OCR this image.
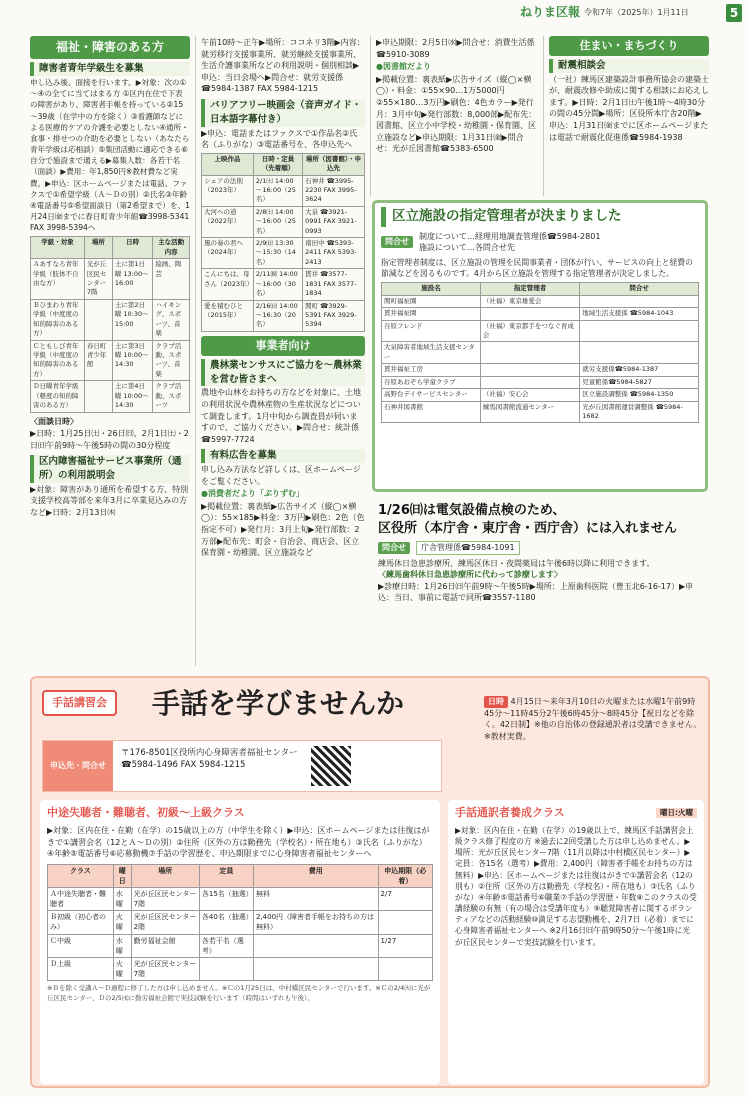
ねりま区報 令和7年（2025年）1月11日	5
福祉・障害のある方
障害者青年学級生を募集

申し込み後、面接を行います。▶対象：次の①～④の全てに当てはまる方 ①区内在住で下表の障害があり、障害者手帳を持っている②15～39歳（在学中の方を除く）③看護師などによる医療的ケアの介護を必要としない④通所・食事・排せつの介助を必要としない（あなたら青年学級は応相談）⑤集団活動に適応できる⑥自分で施設まで通える▶募集人数：各若干名（面談）▶費用：年1,850円※教材費など実費。▶申込：区ホームページまたは電話、ファクスで①希望学級（Ａ～Ｄの別）②氏名③年齢④電話番号⑤希望面談日（第2希望まで）を、1月24日㈮までに春日町青少年館☎3998-5341 FAX 3998-5394へ

学級・対象	場所	日時	主な活動内容
Ａあすなろ青年学級（肢体不自由な方）	光が丘区民センター7階	土に第1日曜 13:00～16:00	絵画、陶芸
Ｂひまわり青年学級（中度度の知的障害のある方）		土に第2日曜 10:30～15:00	ハイキング、スポーツ、音楽
Ｃともしび青年学級（中度度の知的障害のある方）	春日町青少年館	土に第3日曜 10:00～14:30	クラブ活動、スポーツ、音楽
Ｄ日曜青年学級（軽度の知的障害のある方）		土に第4日曜 10:00～14:30	クラブ活動、スポーツ

〈面談日時〉

▶日時：1月25日㈯・26日㈰、2月1日㈯・2日㈰午前9時～午後5時の間の30分程度

区内障害福祉サービス事業所（通所）の利用説明会

▶対象：障害があり通所を希望する方、特別支援学校高等部を来年3月に卒業見込みの方など▶日時：2月13日㈭

午前10時～正午▶場所：ココネリ3階▶内容：就労移行支援事業所、就労継続支援事業所、生活介護事業所などの利用説明・個別相談▶申込：当日会場へ▶問合せ：就労支援係☎5984-1387 FAX 5984-1215

バリアフリー映画会（音声ガイド・日本語字幕付き）

▶申込：電話またはファクスで①作品名②氏名（ふりがな）③電話番号を、各申込先へ

上映作品	日時・定員（先着順）	場所（図書館）・申込先
シェアの法則（2023年）	2/1㈯ 14:00～16:00（25名）	石神井 ☎3995-2230 FAX 3995-3624
大河への道（2022年）	2/8㈯ 14:00～16:00（25名）	大泉 ☎3921-0991 FAX 3921-0993
風の奏の君へ（2024年）	2/9㈰ 13:30～15:30（14名）	南田中 ☎5393-2411 FAX 5393-2413
こんにちは、母さん（2023年）	2/11㈷ 14:00～16:00（30名）	貫井 ☎3577-1831 FAX 3577-1834
愛を積むひと（2015年）	2/16㈰ 14:00～16:30（20名）	関町 ☎3929-5391 FAX 3929-5394
事業者向け
農林業センサスにご協力を～農林業を営む皆さまへ

農地や山林をお持ちの方などを対象に、土地の利用状況や農林産物の生産状況などについて調査します。1月中旬から調査員が伺いますので、ご協力ください。▶問合せ：統計係☎5997-7724

有料広告を募集

申し込み方法など詳しくは、区ホームページをご覧ください。

●消費者だより「ぷりずむ」

▶掲載位置：裏表紙▶広告サイズ（縦◯×横◯）：55×185▶料金：3万円▶刷色：2色（色指定不可）▶発行月：3月上旬▶発行部数：2万部▶配布先：町会・自治会、商店会、区立保育園・幼稚園、区立施設など

▶申込期限：2月5日㈬▶問合せ：消費生活係☎5910-3089

●図書館だより

▶掲載位置：裏表紙▶広告サイズ（縦◯×横◯）・料金：①55×90…1万5000円②55×180…3万円▶刷色：4色カラー▶発行月：3月中旬▶発行部数：8,000部▶配布先：図書館、区立小中学校・幼稚園・保育園、区立施設など▶申込期限：1月31日㈮▶問合せ：光が丘図書館☎5383-6500

住まい・まちづくり
耐震相談会

（一社）練馬区建築設計事務所協会の建築士が、耐震改修や助成に関する相談にお応えします。▶日時：2月1日㈯午後1時～4時30分の間の45分間▶場所：区役所本庁舎20階▶申込：1月31日㈮までに区ホームページまたは電話で耐震化促進係☎5984-1938

区立施設の指定管理者が決まりました
問合せ
制度について…経理用地調査管理係☎5984-2801
施設について…各問合せ先

指定管理者制度は、区立施設の管理を民間事業者・団体が行い、サービスの向上と経費の節減などを図るものです。4月から区立施設を管理する指定管理者が決定しました。

施設名	指定管理者	問合せ
関町福祉園	（社福）東京雄愛会	
貫井福祉園		地域生活支援係 ☎5984-1043
谷原フレンド	（社福）東京都手をつなぐ育成会	
大泉障害者地域生活支援センター		
貫井福祉工房		就労支援係☎5984-1387
谷原あおぞら学童クラブ		児童館係☎5984-5827
高野台デイサービスセンター	（社福）安心会	区立施設調整係 ☎5984-1350
石神井図書館	練馬図書館流通センター	光が丘図書館運営調整係 ☎5984-1682
1/26㈰は電気設備点検のため、
区役所（本庁舎・東庁舎・西庁舎）には入れません
問合せ	庁舎管理係☎5984-1091

練馬休日急患診療所、練馬区休日・夜間薬局は午後6時以降に利用できます。

〈練馬歯科休日急患診療所に代わって診療します〉

▶診療日時：1月26日㈰午前9時～午後5時▶場所：上原歯科医院（豊玉北6-16-17）▶申込：当日、事前に電話で同所☎3557-1180

手話講習会	手話を学びませんか
申込先・問合せ
〒176-8501区役所内心身障害者福祉センター
☎5984-1496 FAX 5984-1215
日時 4月15日～来年3月10日の火曜または水曜1午前9時45分～11時45分2午後6時45分～8時45分【祝日などを除く。42日制】※他の自治体の登録通訳者は受講できません。※教材実費。
中途失聴者・難聴者、初級～上級クラス

▶対象：区内在住・在勤（在学）の15歳以上の方（中学生を除く）▶申込：区ホームページまたは往復はがきで①講習会名（12とＡ～Ｄの別）②住所（区外の方は勤務先（学校名）・所在地も）③氏名（ふりがな）④年齢⑤電話番号⑥応募動機⑦手話の学習歴を、申込期限までに心身障害者福祉センターへ

クラス	曜日	場所	定員	費用	申込期限（必着）
Ａ中途失聴者・難聴者	水曜	光が丘区民センター7階	各15名（抽選）	無料	2/7
Ｂ初級（初心者のみ）	火曜	光が丘区民センター2階	各40名（抽選）	2,400円（障害者手帳をお持ちの方は無料）	
Ｃ中級	水曜	勤労福祉会館	各若干名（選考）		1/27
Ｄ上級	火曜	光が丘区民センター7階			

※Ｂを除く受講Ａ～Ｄ過程に修了した方は申し込めません。※Ｃの1月25日は、中村橋区民センターで行います。※Ｃの2/4㈫に光が丘区民センター、Ｄの2/5㈬に勤労福祉会館で実技試験を行います（時間はいずれも午後）。

手話通訳者養成クラス	曜日:火曜

▶対象：区内在住・在勤（在学）の19歳以上で、練馬区手話講習会上級クラス修了程度の方 ※過去に2回受講した方は申し込めません。▶場所：光が丘区民センター7階（11月以降は中村橋区民センター）▶定員：各15名（選考）▶費用：2,400円（障害者手帳をお持ちの方は無料）▶申込：区ホームページまたは往復はがきで①講習会名（12の別も）②住所（区外の方は勤務先（学校名）・所在地も）③氏名（ふりがな）④年齢⑤電話番号⑥職業⑦手話の学習歴・年数⑧このクラスの受講経験の有無（有の場合は受講年度も）⑨聴覚障害者に関するボランティアなどの活動経験⑩満足する志望動機を、2月7日（必着）までに心身障害者福祉センターへ ※2月16日㈰午前9時50分～午後1時に光が丘区民センターで実技試験を行います。
